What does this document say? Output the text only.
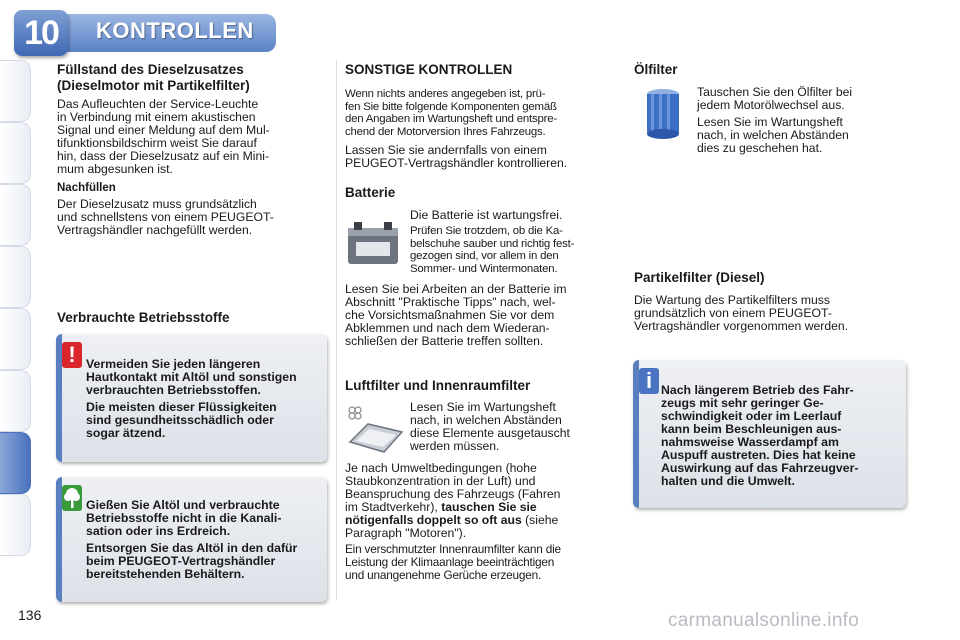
10	KONTROLLEN
Füllstand des Dieselzusatzes
(Dieselmotor mit Partikelfilter)

Das Aufleuchten der Service-Leuchte
in Verbindung mit einem akustischen
Signal und einer Meldung auf dem Mul-
tifunktionsbildschirm weist Sie darauf
hin, dass der Dieselzusatz auf ein Mini-
mum abgesunken ist.

Nachfüllen

Der Dieselzusatz muss grundsätzlich
und schnellstens von einem PEUGEOT-
Vertragshändler nachgefüllt werden.

Verbrauchte Betriebsstoffe
! Vermeiden Sie jeden längeren
Hautkontakt mit Altöl und sonstigen
verbrauchten Betriebsstoffen.

Die meisten dieser Flüssigkeiten
sind gesundheitsschädlich oder
sogar ätzend.

Gießen Sie Altöl und verbrauchte
Betriebsstoffe nicht in die Kanali-
sation oder ins Erdreich.

Entsorgen Sie das Altöl in den dafür
beim PEUGEOT-Vertragshändler
bereitstehenden Behältern.

SONSTIGE KONTROLLEN

Wenn nichts anderes angegeben ist, prü-
fen Sie bitte folgende Komponenten gemäß
den Angaben im Wartungsheft und entspre-
chend der Motorversion Ihres Fahrzeugs.

Lassen Sie sie andernfalls von einem
PEUGEOT-Vertragshändler kontrollieren.

Batterie

Die Batterie ist wartungsfrei.

Prüfen Sie trotzdem, ob die Ka-
belschuhe sauber und richtig fest-
gezogen sind, vor allem in den
Sommer- und Wintermonaten.

Lesen Sie bei Arbeiten an der Batterie im
Abschnitt "Praktische Tipps" nach, wel-
che Vorsichtsmaßnahmen Sie vor dem
Abklemmen und nach dem Wiederan-
schließen der Batterie treffen sollten.

Luftfilter und Innenraumfilter

Lesen Sie im Wartungsheft
nach, in welchen Abständen
diese Elemente ausgetauscht
werden müssen.

Je nach Umweltbedingungen (hohe
Staubkonzentration in der Luft) und
Beanspruchung des Fahrzeugs (Fahren
im Stadtverkehr), tauschen Sie sie
nötigenfalls doppelt so oft aus (siehe
Paragraph "Motoren").

Ein verschmutzter Innenraumfilter kann die
Leistung der Klimaanlage beeinträchtigen
und unangenehme Gerüche erzeugen.

Ölfilter

Tauschen Sie den Ölfilter bei
jedem Motorölwechsel aus.

Lesen Sie im Wartungsheft
nach, in welchen Abständen
dies zu geschehen hat.

Partikelfilter (Diesel)

Die Wartung des Partikelfilters muss
grundsätzlich von einem PEUGEOT-
Vertragshändler vorgenommen werden.

i Nach längerem Betrieb des Fahr-
zeugs mit sehr geringer Ge-
schwindigkeit oder im Leerlauf
kann beim Beschleunigen aus-
nahmsweise Wasserdampf am
Auspuff austreten. Dies hat keine
Auswirkung auf das Fahrzeugver-
halten und die Umwelt.

136	carmanualsonline.info
